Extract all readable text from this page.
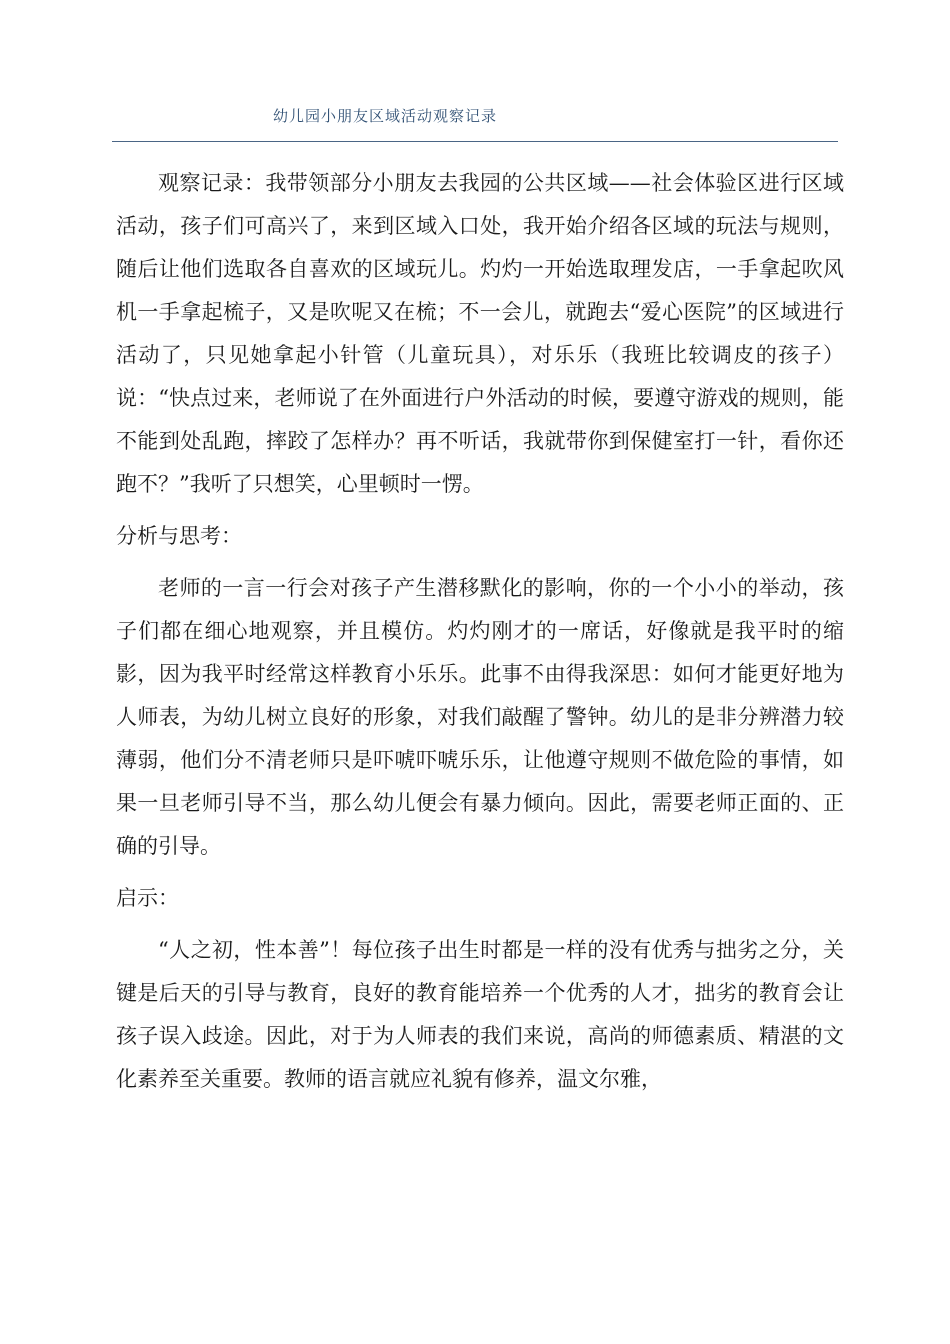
幼儿园小朋友区域活动观察记录

观察记录：我带领部分小朋友去我园的公共区域——社会体验区进行区域活动，孩子们可高兴了，来到区域入口处，我开始介绍各区域的玩法与规则，随后让他们选取各自喜欢的区域玩儿。灼灼一开始选取理发店，一手拿起吹风机一手拿起梳子，又是吹呢又在梳；不一会儿，就跑去“爱心医院”的区域进行活动了，只见她拿起小针管（儿童玩具），对乐乐（我班比较调皮的孩子）说：“快点过来，老师说了在外面进行户外活动的时候，要遵守游戏的规则，能不能到处乱跑，摔跤了怎样办？再不听话，我就带你到保健室打一针，看你还跑不？”我听了只想笑，心里顿时一愣。

分析与思考：

老师的一言一行会对孩子产生潜移默化的影响，你的一个小小的举动，孩子们都在细心地观察，并且模仿。灼灼刚才的一席话，好像就是我平时的缩影，因为我平时经常这样教育小乐乐。此事不由得我深思：如何才能更好地为人师表，为幼儿树立良好的形象，对我们敲醒了警钟。幼儿的是非分辨潜力较薄弱，他们分不清老师只是吓唬吓唬乐乐，让他遵守规则不做危险的事情，如果一旦老师引导不当，那么幼儿便会有暴力倾向。因此，需要老师正面的、正确的引导。

启示：

“人之初，性本善”！每位孩子出生时都是一样的没有优秀与拙劣之分，关键是后天的引导与教育，良好的教育能培养一个优秀的人才，拙劣的教育会让孩子误入歧途。因此，对于为人师表的我们来说，高尚的师德素质、精湛的文化素养至关重要。教师的语言就应礼貌有修养，温文尔雅，
